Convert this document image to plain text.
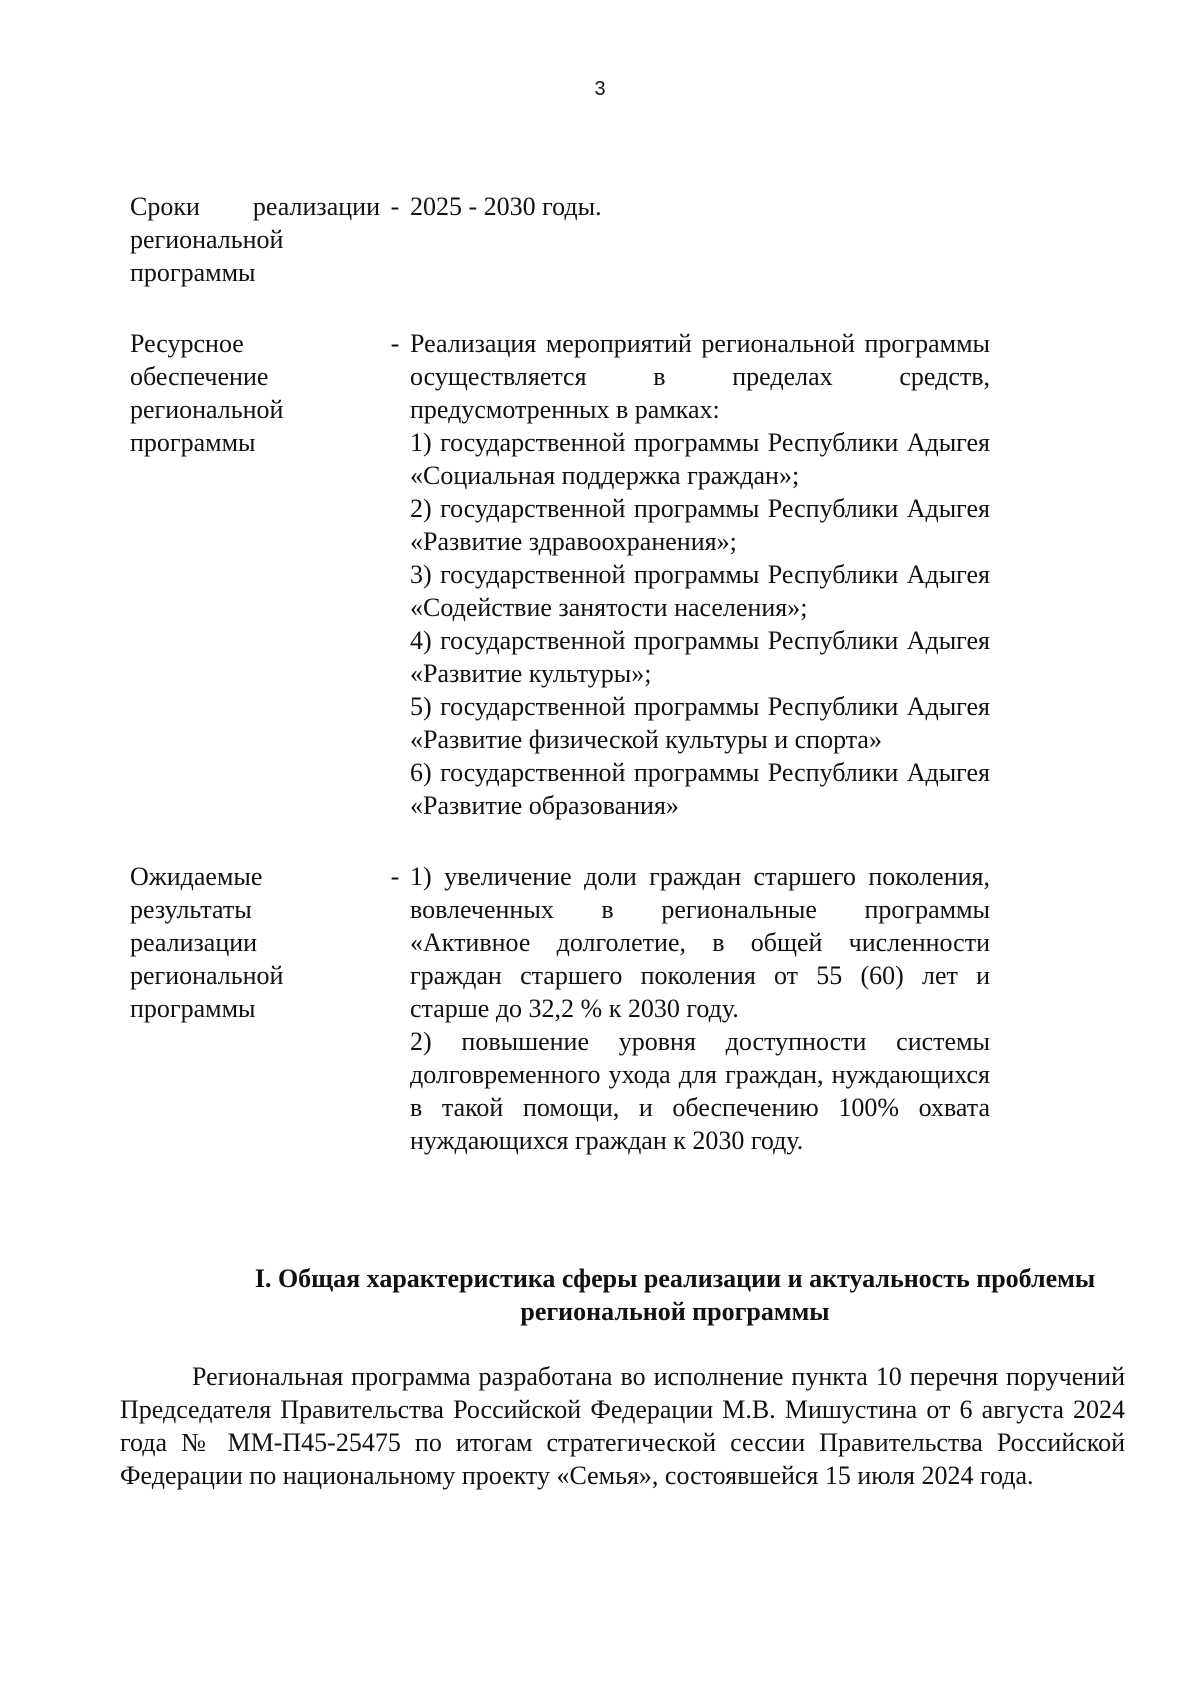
3
Сроки реализации
региональной
программы
- 2025 - 2030 годы.

Ресурсное
обеспечение
региональной
программы
- Реализация мероприятий региональной программы осуществляется в пределах средств, предусмотренных в рамках:

1) государственной программы Республики Адыгея «Социальная поддержка граждан»;

2) государственной программы Республики Адыгея «Развитие здравоохранения»;

3) государственной программы Республики Адыгея «Содействие занятости населения»;

4) государственной программы Республики Адыгея «Развитие культуры»;

5) государственной программы Республики Адыгея «Развитие физической культуры и спорта»

6) государственной программы Республики Адыгея «Развитие образования»

Ожидаемые
результаты
реализации
региональной
программы
- 1) увеличение доли граждан старшего поколения, вовлеченных в региональные программы «Активное долголетие, в общей численности граждан старшего поколения от 55 (60) лет и старше до 32,2 % к 2030 году.

2) повышение уровня доступности системы долговременного ухода для граждан, нуждающихся в такой помощи, и обеспечению 100% охвата нуждающихся граждан к 2030 году.

I. Общая характеристика сферы реализации и актуальность проблемы
региональной программы

Региональная программа разработана во исполнение пункта 10 перечня поручений Председателя Правительства Российской Федерации М.В. Мишустина от 6 августа 2024 года № ММ-П45-25475 по итогам стратегической сессии Правительства Российской Федерации по национальному проекту «Семья», состоявшейся 15 июля 2024 года.
